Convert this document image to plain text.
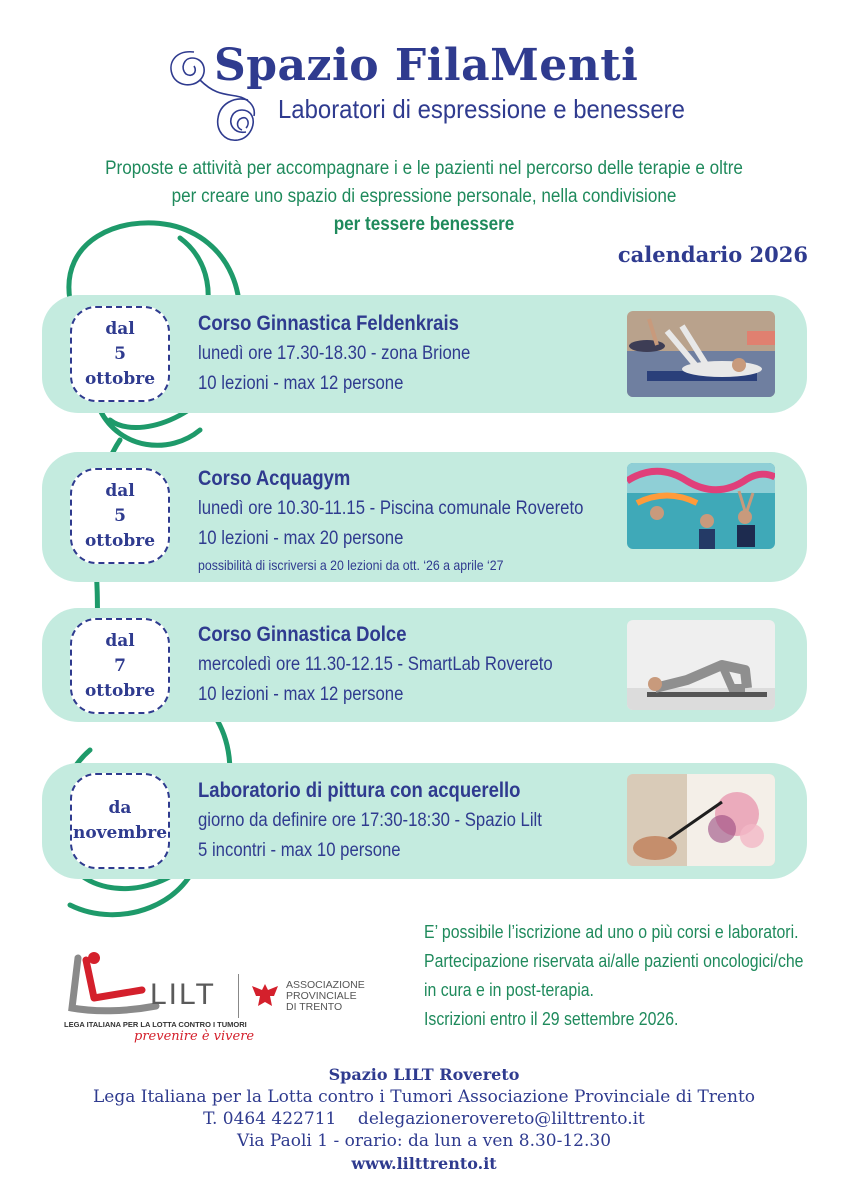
Spazio FilaMenti
Laboratori di espressione e benessere
Proposte e attività per accompagnare i e le pazienti nel percorso delle terapie e oltre
per creare uno spazio di espressione personale, nella condivisione
per tessere benessere
calendario 2026
dal
5
ottobre
Corso Ginnastica Feldenkrais
lunedì ore 17.30-18.30 - zona Brione
10 lezioni - max 12 persone
dal
5
ottobre
Corso Acquagym
lunedì ore 10.30-11.15 - Piscina comunale Rovereto
10 lezioni - max 20 persone
possibilità di iscriversi a 20 lezioni da ott. ‘26 a aprile ‘27
dal
7
ottobre
Corso Ginnastica Dolce
mercoledì ore 11.30-12.15 - SmartLab Rovereto
10 lezioni - max 12 persone
da
novembre
Laboratorio di pittura con acquerello
giorno da definire ore 17:30-18:30 - Spazio Lilt
5 incontri - max 10 persone
E’ possibile l’iscrizione ad uno o più corsi e laboratori.
Partecipazione riservata ai/alle pazienti oncologici/che
in cura e in post-terapia.
Iscrizioni entro il 29 settembre 2026.
LILT	ASSOCIAZIONE
PROVINCIALE
DI TRENTO
LEGA ITALIANA PER LA LOTTA CONTRO I TUMORI
prevenire è vivere
Spazio LILT Rovereto
Lega Italiana per la Lotta contro i Tumori Associazione Provinciale di Trento
T. 0464 422711    delegazionerovereto@lilttrento.it
Via Paoli 1 - orario: da lun a ven 8.30-12.30
www.lilttrento.it
